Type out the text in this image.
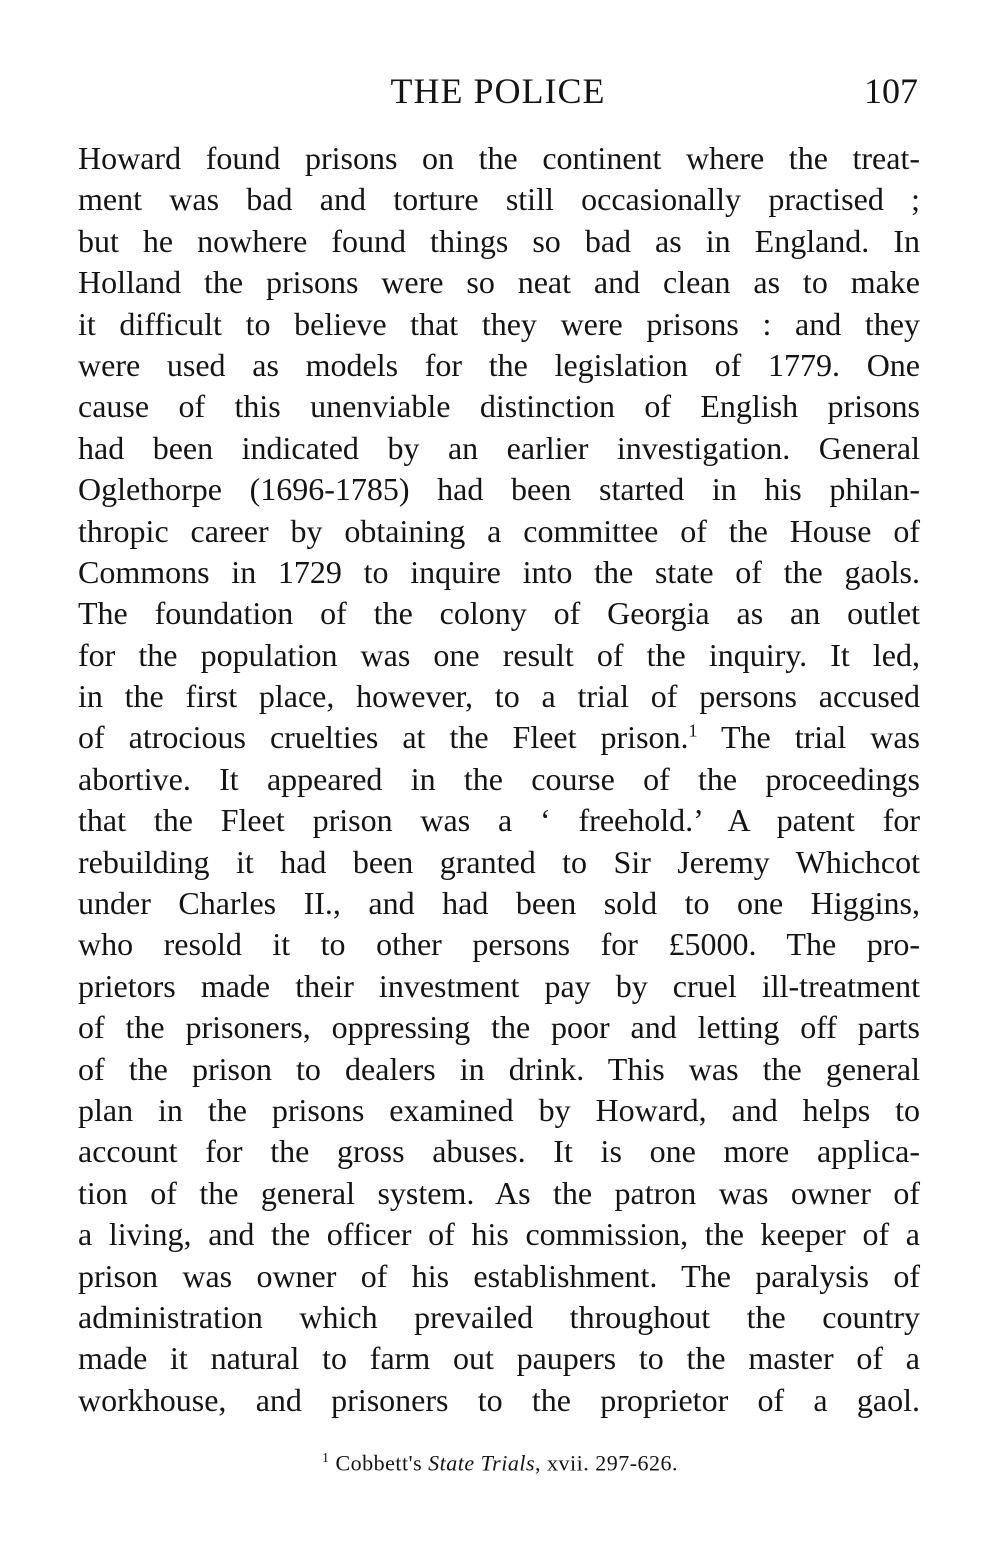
THE POLICE	107
Howard found prisons on the continent where the treat-
ment was bad and torture still occasionally practised ;
but he nowhere found things so bad as in England. In
Holland the prisons were so neat and clean as to make
it difficult to believe that they were prisons : and they
were used as models for the legislation of 1779. One
cause of this unenviable distinction of English prisons
had been indicated by an earlier investigation. General
Oglethorpe (1696-1785) had been started in his philan-
thropic career by obtaining a committee of the House of
Commons in 1729 to inquire into the state of the gaols.
The foundation of the colony of Georgia as an outlet
for the population was one result of the inquiry. It led,
in the first place, however, to a trial of persons accused
of atrocious cruelties at the Fleet prison.$^1$ The trial was
abortive. It appeared in the course of the proceedings
that the Fleet prison was a ‘ freehold.’ A patent for
rebuilding it had been granted to Sir Jeremy Whichcot
under Charles II., and had been sold to one Higgins,
who resold it to other persons for £5000. The pro-
prietors made their investment pay by cruel ill-treatment
of the prisoners, oppressing the poor and letting off parts
of the prison to dealers in drink. This was the general
plan in the prisons examined by Howard, and helps to
account for the gross abuses. It is one more applica-
tion of the general system. As the patron was owner of
a living, and the officer of his commission, the keeper of a
prison was owner of his establishment. The paralysis of
administration which prevailed throughout the country
made it natural to farm out paupers to the master of a
workhouse, and prisoners to the proprietor of a gaol.
$^1$ Cobbett's State Trials, xvii. 297-626.
